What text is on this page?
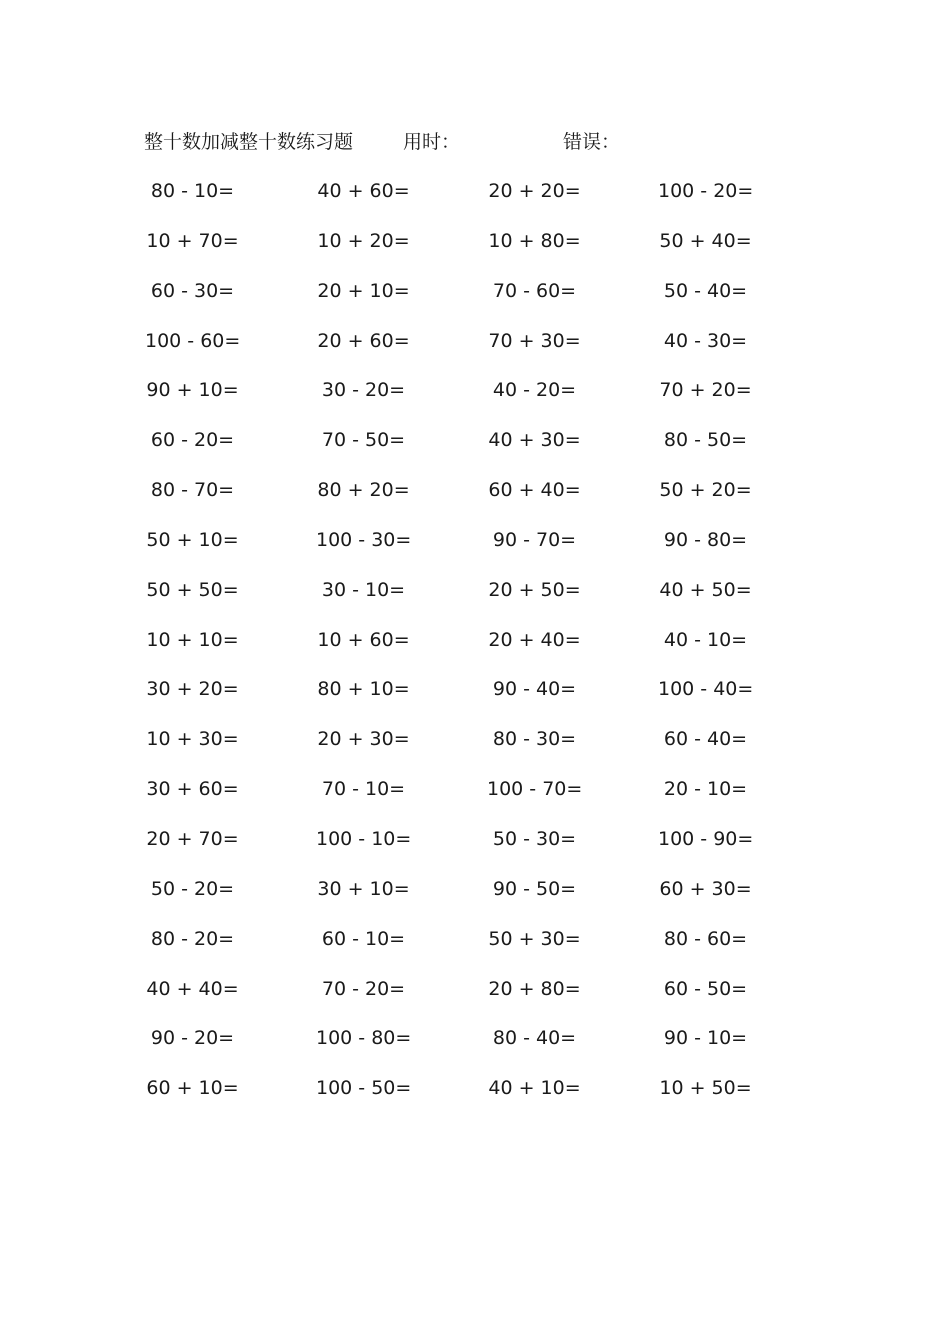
整十数加减整十数练习题	用时：	错误：
80 - 10=	40 + 60=	20 + 20=	100 - 20=
10 + 70=	10 + 20=	10 + 80=	50 + 40=
60 - 30=	20 + 10=	70 - 60=	50 - 40=
100 - 60=	20 + 60=	70 + 30=	40 - 30=
90 + 10=	30 - 20=	40 - 20=	70 + 20=
60 - 20=	70 - 50=	40 + 30=	80 - 50=
80 - 70=	80 + 20=	60 + 40=	50 + 20=
50 + 10=	100 - 30=	90 - 70=	90 - 80=
50 + 50=	30 - 10=	20 + 50=	40 + 50=
10 + 10=	10 + 60=	20 + 40=	40 - 10=
30 + 20=	80 + 10=	90 - 40=	100 - 40=
10 + 30=	20 + 30=	80 - 30=	60 - 40=
30 + 60=	70 - 10=	100 - 70=	20 - 10=
20 + 70=	100 - 10=	50 - 30=	100 - 90=
50 - 20=	30 + 10=	90 - 50=	60 + 30=
80 - 20=	60 - 10=	50 + 30=	80 - 60=
40 + 40=	70 - 20=	20 + 80=	60 - 50=
90 - 20=	100 - 80=	80 - 40=	90 - 10=
60 + 10=	100 - 50=	40 + 10=	10 + 50=
